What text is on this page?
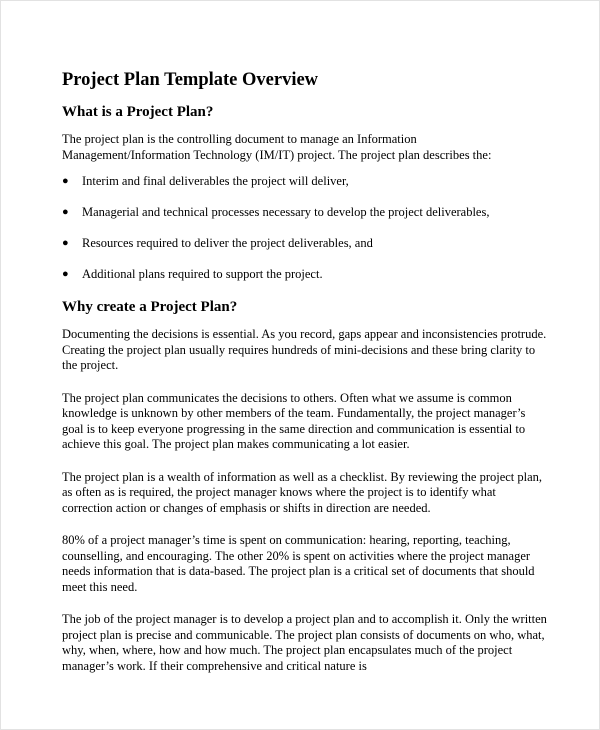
Project Plan Template Overview
What is a Project Plan?

The project plan is the controlling document to manage an Information Management/Information Technology (IM/IT) project. The project plan describes the:

● Interim and final deliverables the project will deliver,
● Managerial and technical processes necessary to develop the project deliverables,
● Resources required to deliver the project deliverables, and
● Additional plans required to support the project.
Why create a Project Plan?

Documenting the decisions is essential. As you record, gaps appear and inconsistencies protrude. Creating the project plan usually requires hundreds of mini-decisions and these bring clarity to the project.

The project plan communicates the decisions to others. Often what we assume is common knowledge is unknown by other members of the team. Fundamentally, the project manager’s goal is to keep everyone progressing in the same direction and communication is essential to achieve this goal. The project plan makes communicating a lot easier.

The project plan is a wealth of information as well as a checklist. By reviewing the project plan, as often as is required, the project manager knows where the project is to identify what correction action or changes of emphasis or shifts in direction are needed.

80% of a project manager’s time is spent on communication: hearing, reporting, teaching, counselling, and encouraging. The other 20% is spent on activities where the project manager needs information that is data-based. The project plan is a critical set of documents that should meet this need.

The job of the project manager is to develop a project plan and to accomplish it. Only the written project plan is precise and communicable. The project plan consists of documents on who, what, why, when, where, how and how much. The project plan encapsulates much of the project manager’s work. If their comprehensive and critical nature is
